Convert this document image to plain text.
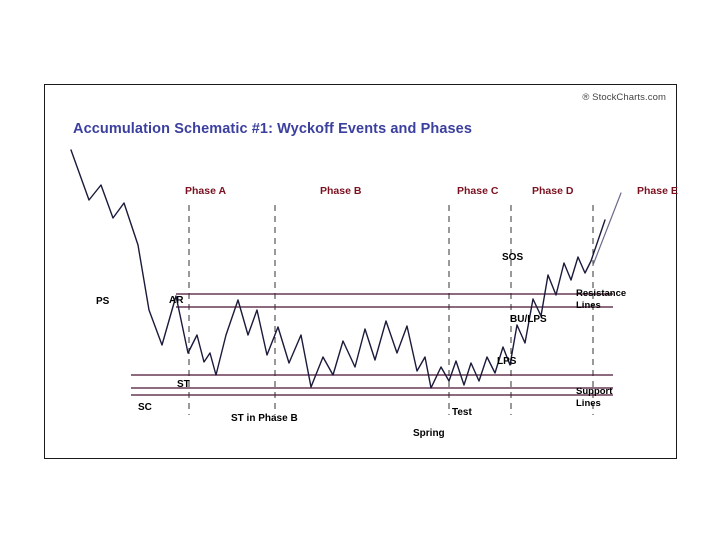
® StockCharts.com
Accumulation Schematic #1: Wyckoff Events and Phases
Phase A	Phase B	Phase C	Phase D	Phase E
PS	AR
ST
SC
ST in Phase B
Spring
Test
LPS
BU/LPS
SOS
Resistance
Lines
Support
Lines
